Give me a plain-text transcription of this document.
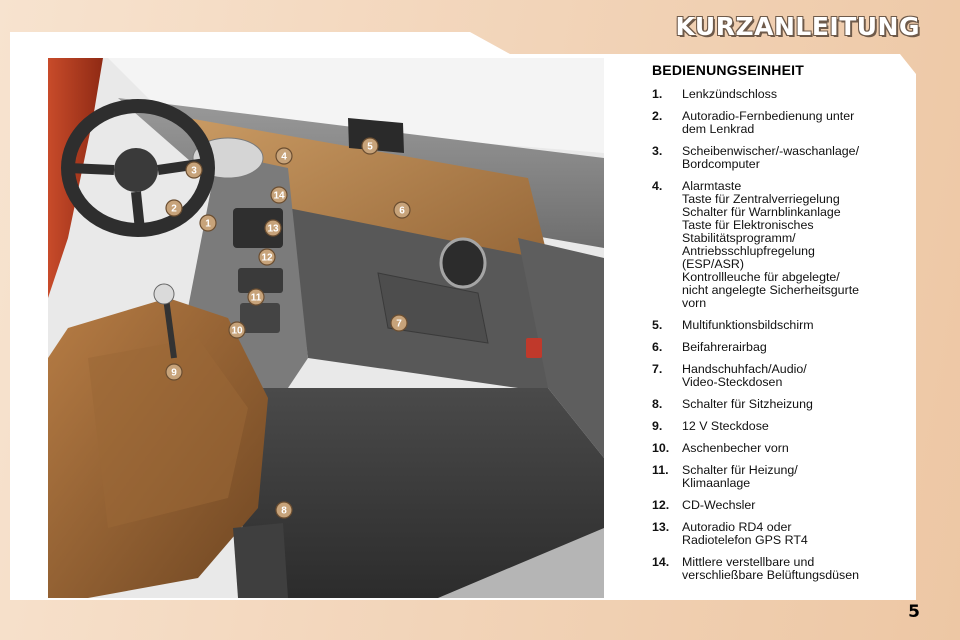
KURZANLEITUNG
1
2
3
4
5
6
7
8
9
10
11
12
13
14
BEDIENUNGSEINHEIT
1.	Lenkzündschloss
2.	Autoradio-Fernbedienung unter
dem Lenkrad
3.	Scheibenwischer/-waschanlage/
Bordcomputer
4.	Alarmtaste
Taste für Zentralverriegelung
Schalter für Warnblinkanlage
Taste für Elektronisches
Stabilitätsprogramm/
Antriebsschlupfregelung
(ESP/ASR)
Kontrollleuche für abgelegte/
nicht angelegte Sicherheitsgurte
vorn
5.	Multifunktionsbildschirm
6.	Beifahrerairbag
7.	Handschuhfach/Audio/
Video-Steckdosen
8.	Schalter für Sitzheizung
9.	12 V Steckdose
10.	Aschenbecher vorn
11.	Schalter für Heizung/
Klimaanlage
12.	CD-Wechsler
13.	Autoradio RD4 oder
Radiotelefon GPS RT4
14.	Mittlere verstellbare und
verschließbare Belüftungsdüsen
5
